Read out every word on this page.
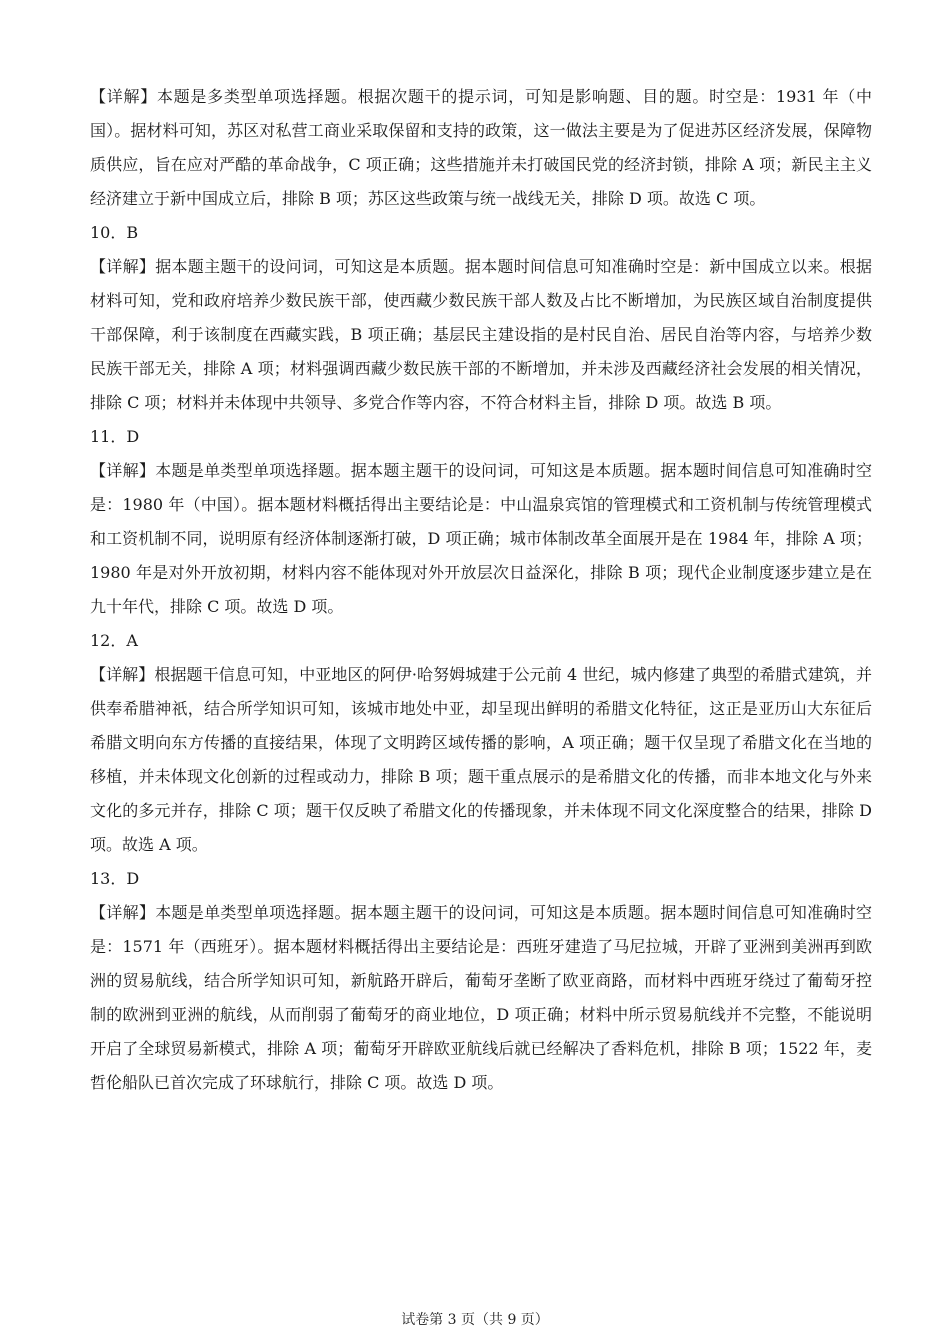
【详解】本题是多类型单项选择题。根据次题干的提示词，可知是影响题、目的题。时空是：1931 年（中国）。据材料可知，苏区对私营工商业采取保留和支持的政策，这一做法主要是为了促进苏区经济发展，保障物质供应，旨在应对严酷的革命战争，C 项正确；这些措施并未打破国民党的经济封锁，排除 A 项；新民主主义经济建立于新中国成立后，排除 B 项；苏区这些政策与统一战线无关，排除 D 项。故选 C 项。
10．B
【详解】据本题主题干的设问词，可知这是本质题。据本题时间信息可知准确时空是：新中国成立以来。根据材料可知，党和政府培养少数民族干部，使西藏少数民族干部人数及占比不断增加，为民族区域自治制度提供干部保障，利于该制度在西藏实践，B 项正确；基层民主建设指的是村民自治、居民自治等内容，与培养少数民族干部无关，排除 A 项；材料强调西藏少数民族干部的不断增加，并未涉及西藏经济社会发展的相关情况，排除 C 项；材料并未体现中共领导、多党合作等内容，不符合材料主旨，排除 D 项。故选 B 项。
11．D
【详解】本题是单类型单项选择题。据本题主题干的设问词，可知这是本质题。据本题时间信息可知准确时空是：1980 年（中国）。据本题材料概括得出主要结论是：中山温泉宾馆的管理模式和工资机制与传统管理模式和工资机制不同，说明原有经济体制逐渐打破，D 项正确；城市体制改革全面展开是在 1984 年，排除 A 项；1980 年是对外开放初期，材料内容不能体现对外开放层次日益深化，排除 B 项；现代企业制度逐步建立是在九十年代，排除 C 项。故选 D 项。
12．A
【详解】根据题干信息可知，中亚地区的阿伊·哈努姆城建于公元前 4 世纪，城内修建了典型的希腊式建筑，并供奉希腊神祇，结合所学知识可知，该城市地处中亚，却呈现出鲜明的希腊文化特征，这正是亚历山大东征后希腊文明向东方传播的直接结果，体现了文明跨区域传播的影响，A 项正确；题干仅呈现了希腊文化在当地的移植，并未体现文化创新的过程或动力，排除 B 项；题干重点展示的是希腊文化的传播，而非本地文化与外来文化的多元并存，排除 C 项；题干仅反映了希腊文化的传播现象，并未体现不同文化深度整合的结果，排除 D 项。故选 A 项。
13．D
【详解】本题是单类型单项选择题。据本题主题干的设问词，可知这是本质题。据本题时间信息可知准确时空是：1571 年（西班牙）。据本题材料概括得出主要结论是：西班牙建造了马尼拉城，开辟了亚洲到美洲再到欧洲的贸易航线，结合所学知识可知，新航路开辟后，葡萄牙垄断了欧亚商路，而材料中西班牙绕过了葡萄牙控制的欧洲到亚洲的航线，从而削弱了葡萄牙的商业地位，D 项正确；材料中所示贸易航线并不完整，不能说明开启了全球贸易新模式，排除 A 项；葡萄牙开辟欧亚航线后就已经解决了香料危机，排除 B 项；1522 年，麦哲伦船队已首次完成了环球航行，排除 C 项。故选 D 项。
试卷第 3 页（共 9 页）
